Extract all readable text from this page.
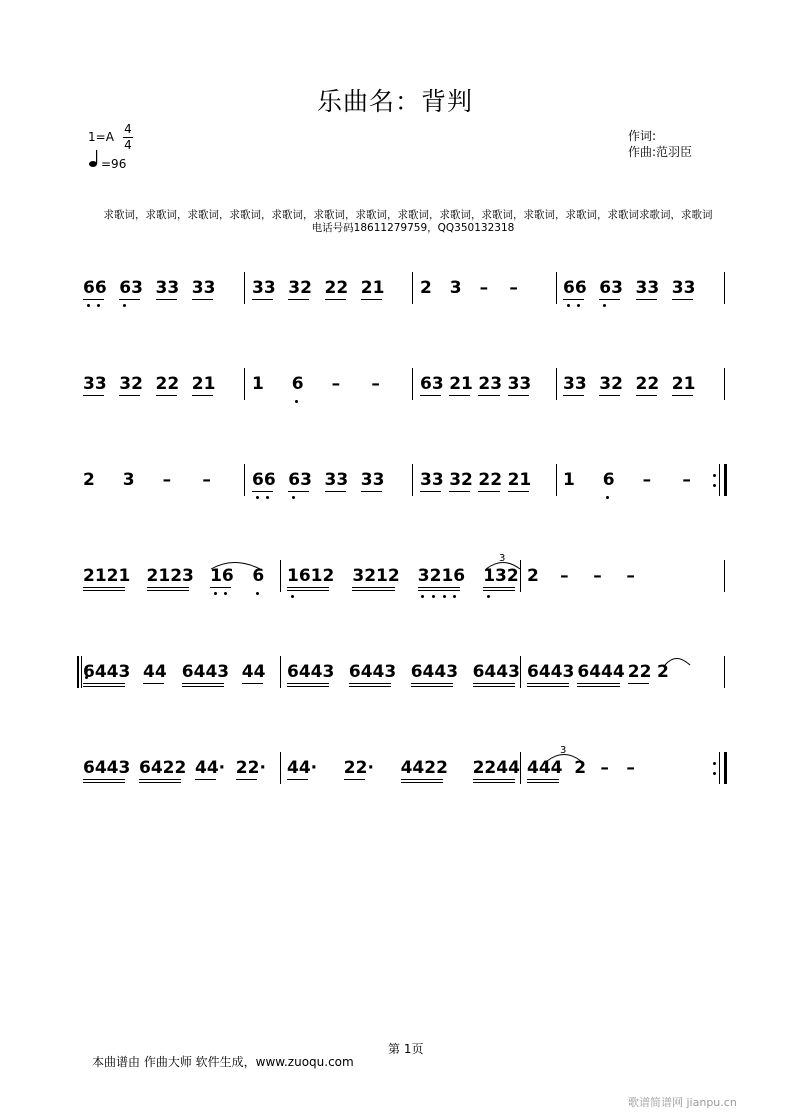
乐曲名：背判
1=A
4
4
=96
作词:
作曲:范羽臣
求歌词，求歌词，求歌词，求歌词，求歌词，求歌词，求歌词，求歌词，求歌词，求歌词，求歌词，求歌词，求歌词求歌词，求歌词
电话号码18611279759，QQ350132318
66 63 33 33 33 32 22 21 2 3 – –	66 63 33 33
33 32 22 21 1 6 – – 63 21 23 33 33 32 22 21
2 3 – – 66 63 33 33 33 32 22 21 1 6 – –
2121 2123 16 6 1612 3212 3216 132 2 – – –
3
6443 44 6443 44 6443 6443 6443 6443 6443 6444 22 2
6443 6422 44· 22· 44· 22· 4422 2244 444 2 – –
3
第 1页
本曲谱由 作曲大师 软件生成，www.zuoqu.com
歌谱简谱网 jianpu.cn
